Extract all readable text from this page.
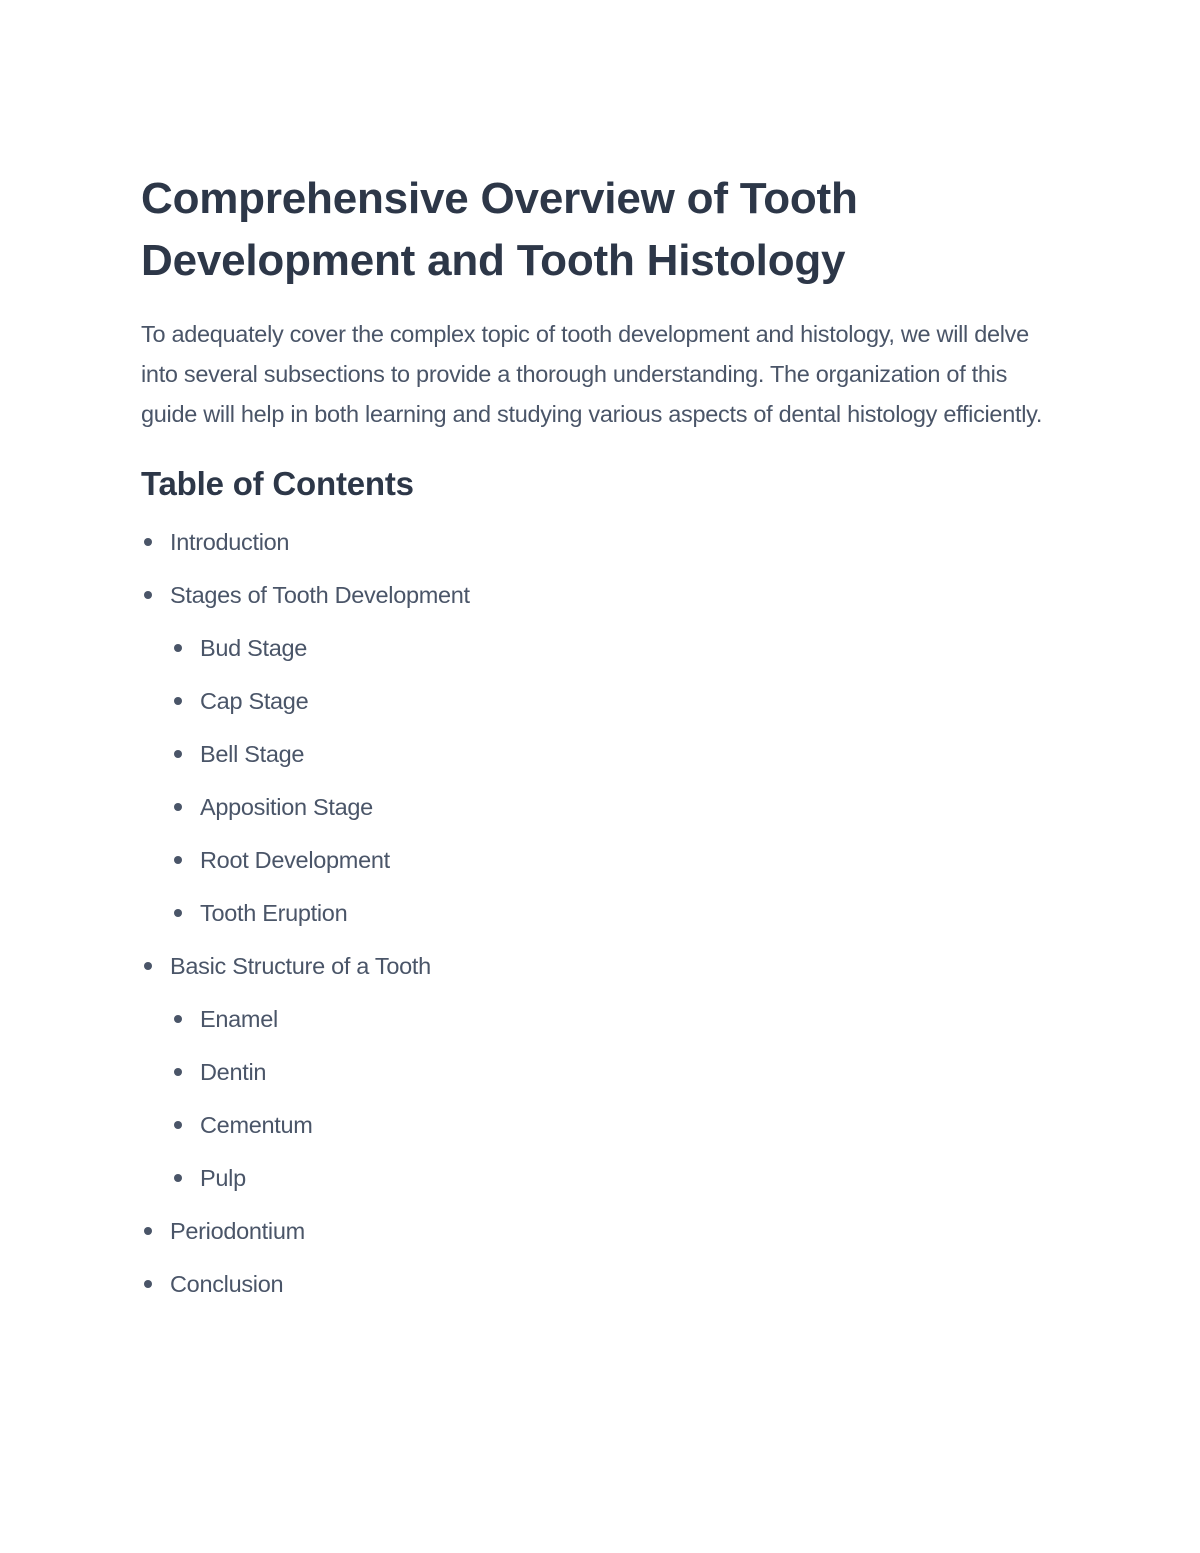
Comprehensive Overview of Tooth Development and Tooth Histology

To adequately cover the complex topic of tooth development and histology, we will delve into several subsections to provide a thorough understanding. The organization of this guide will help in both learning and studying various aspects of dental histology efficiently.

Table of Contents
Introduction
Stages of Tooth Development
Bud Stage
Cap Stage
Bell Stage
Apposition Stage
Root Development
Tooth Eruption
Basic Structure of a Tooth
Enamel
Dentin
Cementum
Pulp
Periodontium
Conclusion
